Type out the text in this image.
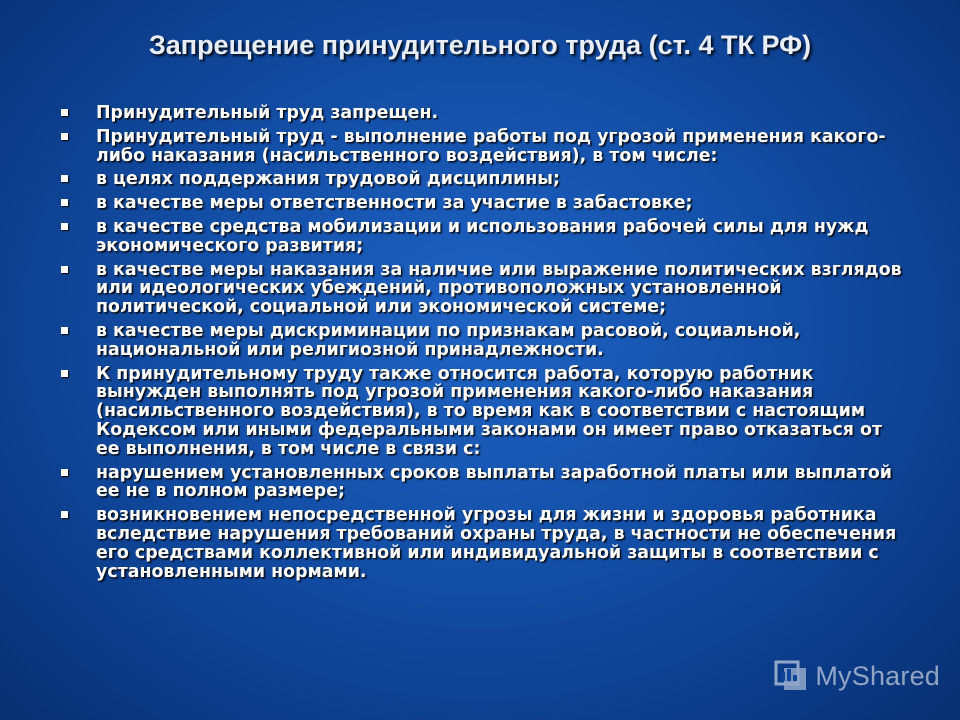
Запрещение принудительного труда (ст. 4 ТК РФ)
Принудительный труд запрещен.
Принудительный труд - выполнение работы под угрозой применения какого-либо наказания (насильственного воздействия), в том числе:
в целях поддержания трудовой дисциплины;
в качестве меры ответственности за участие в забастовке;
в качестве средства мобилизации и использования рабочей силы для нужд экономического развития;
в качестве меры наказания за наличие или выражение политических взглядов или идеологических убеждений, противоположных установленной политической, социальной или экономической системе;
в качестве меры дискриминации по признакам расовой, социальной, национальной или религиозной принадлежности.
К принудительному труду также относится работа, которую работник вынужден выполнять под угрозой применения какого-либо наказания (насильственного воздействия), в то время как в соответствии с настоящим Кодексом или иными федеральными законами он имеет право отказаться от ее выполнения, в том числе в связи с:
нарушением установленных сроков выплаты заработной платы или выплатой ее не в полном размере;
возникновением непосредственной угрозы для жизни и здоровья работника вследствие нарушения требований охраны труда, в частности не обеспечения его средствами коллективной или индивидуальной защиты в соответствии с установленными нормами.
MyShared
